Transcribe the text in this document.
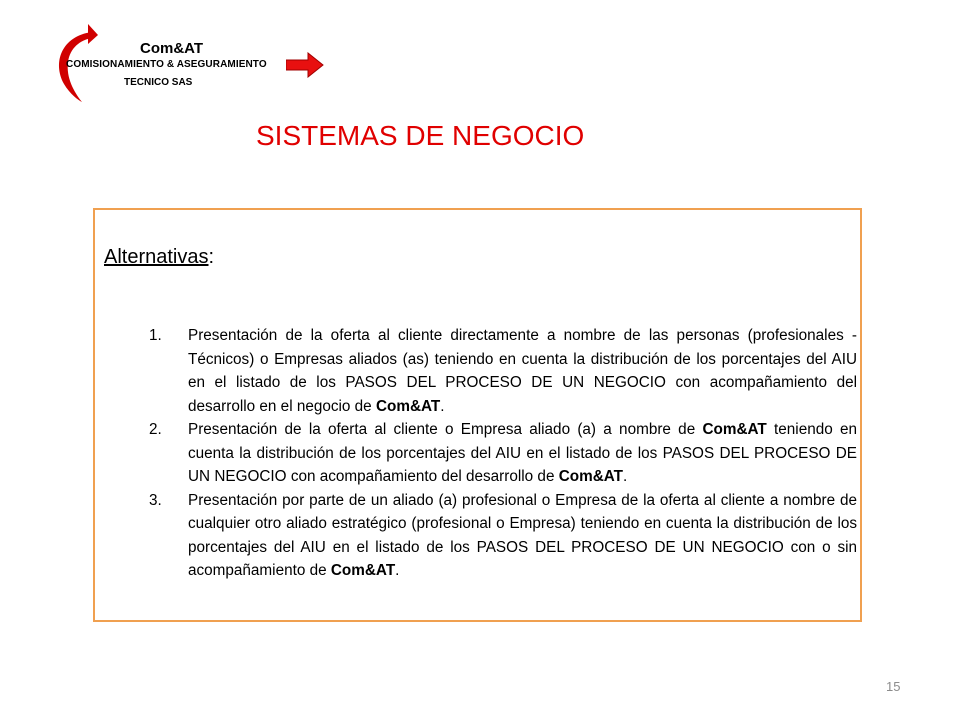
Com&AT
COMISIONAMIENTO & ASEGURAMIENTO
TECNICO SAS
SISTEMAS DE NEGOCIO
Alternativas:
1. Presentación de la oferta al cliente directamente a nombre de las personas (profesionales - Técnicos) o Empresas aliados (as) teniendo en cuenta la distribución de los porcentajes del AIU en el listado de los PASOS DEL PROCESO DE UN NEGOCIO con acompañamiento del desarrollo en el negocio de Com&AT.
2. Presentación de la oferta al cliente o Empresa aliado (a) a nombre de Com&AT teniendo en cuenta la distribución de los porcentajes del AIU en el listado de los PASOS DEL PROCESO DE UN NEGOCIO con acompañamiento del desarrollo de Com&AT.
3. Presentación por parte de un aliado (a) profesional o Empresa de la oferta al cliente a nombre de cualquier otro aliado estratégico (profesional o Empresa) teniendo en cuenta la distribución de los porcentajes del AIU en el listado de los PASOS DEL PROCESO DE UN NEGOCIO con o sin acompañamiento de Com&AT.
15
